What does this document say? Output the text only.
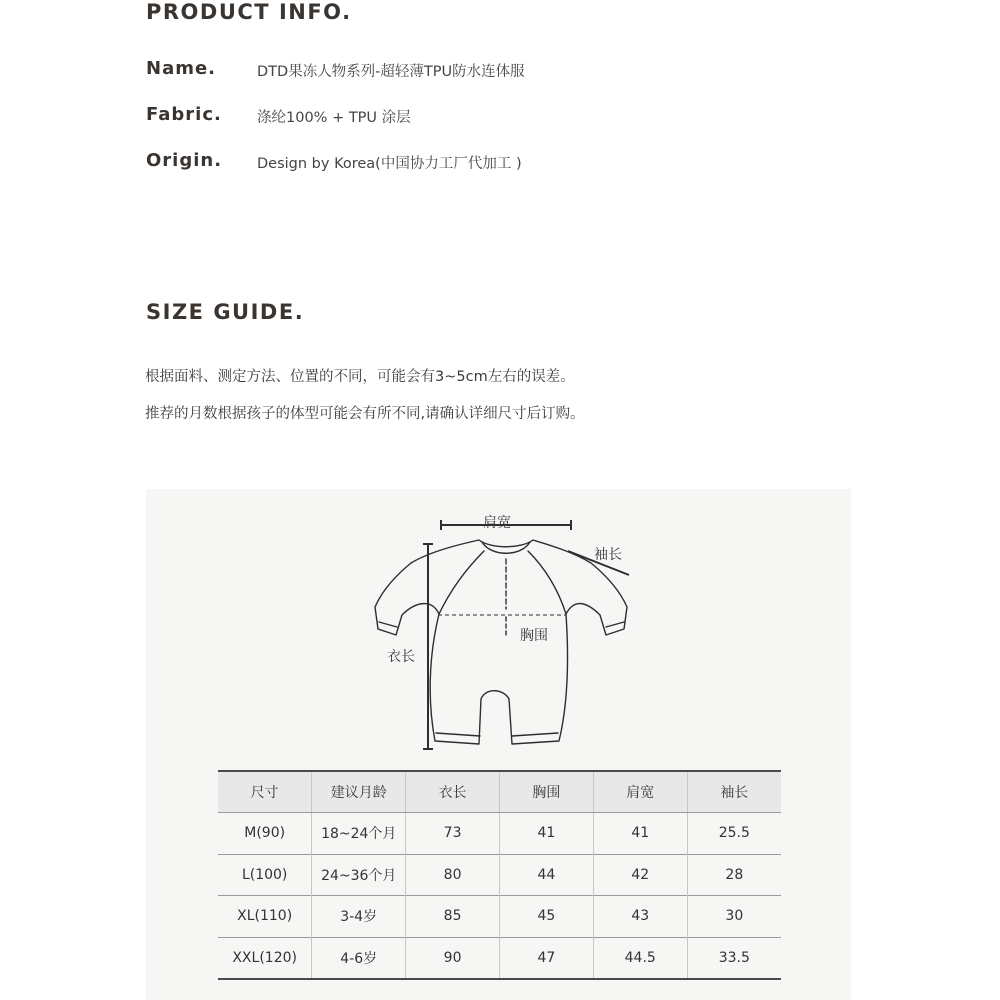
PRODUCT INFO.
Name.	DTD果冻人物系列-超轻薄TPU防水连体服
Fabric. 涤纶100% + TPU 涂层
Origin. Design by Korea(中国协力工厂代加工 )
SIZE GUIDE.

根据面料、测定方法、位置的不同，可能会有3~5cm左右的误差。

推荐的月数根据孩子的体型可能会有所不同,请确认详细尺寸后订购。

肩宽
袖长
胸围
衣长
尺寸	建议月龄	衣长	胸围	肩宽	袖长
M(90)	18~24个月	73	41	41	25.5
L(100)	24~36个月	80	44	42	28
XL(110)	3-4岁	85	45	43	30
XXL(120)	4-6岁	90	47	44.5	33.5
